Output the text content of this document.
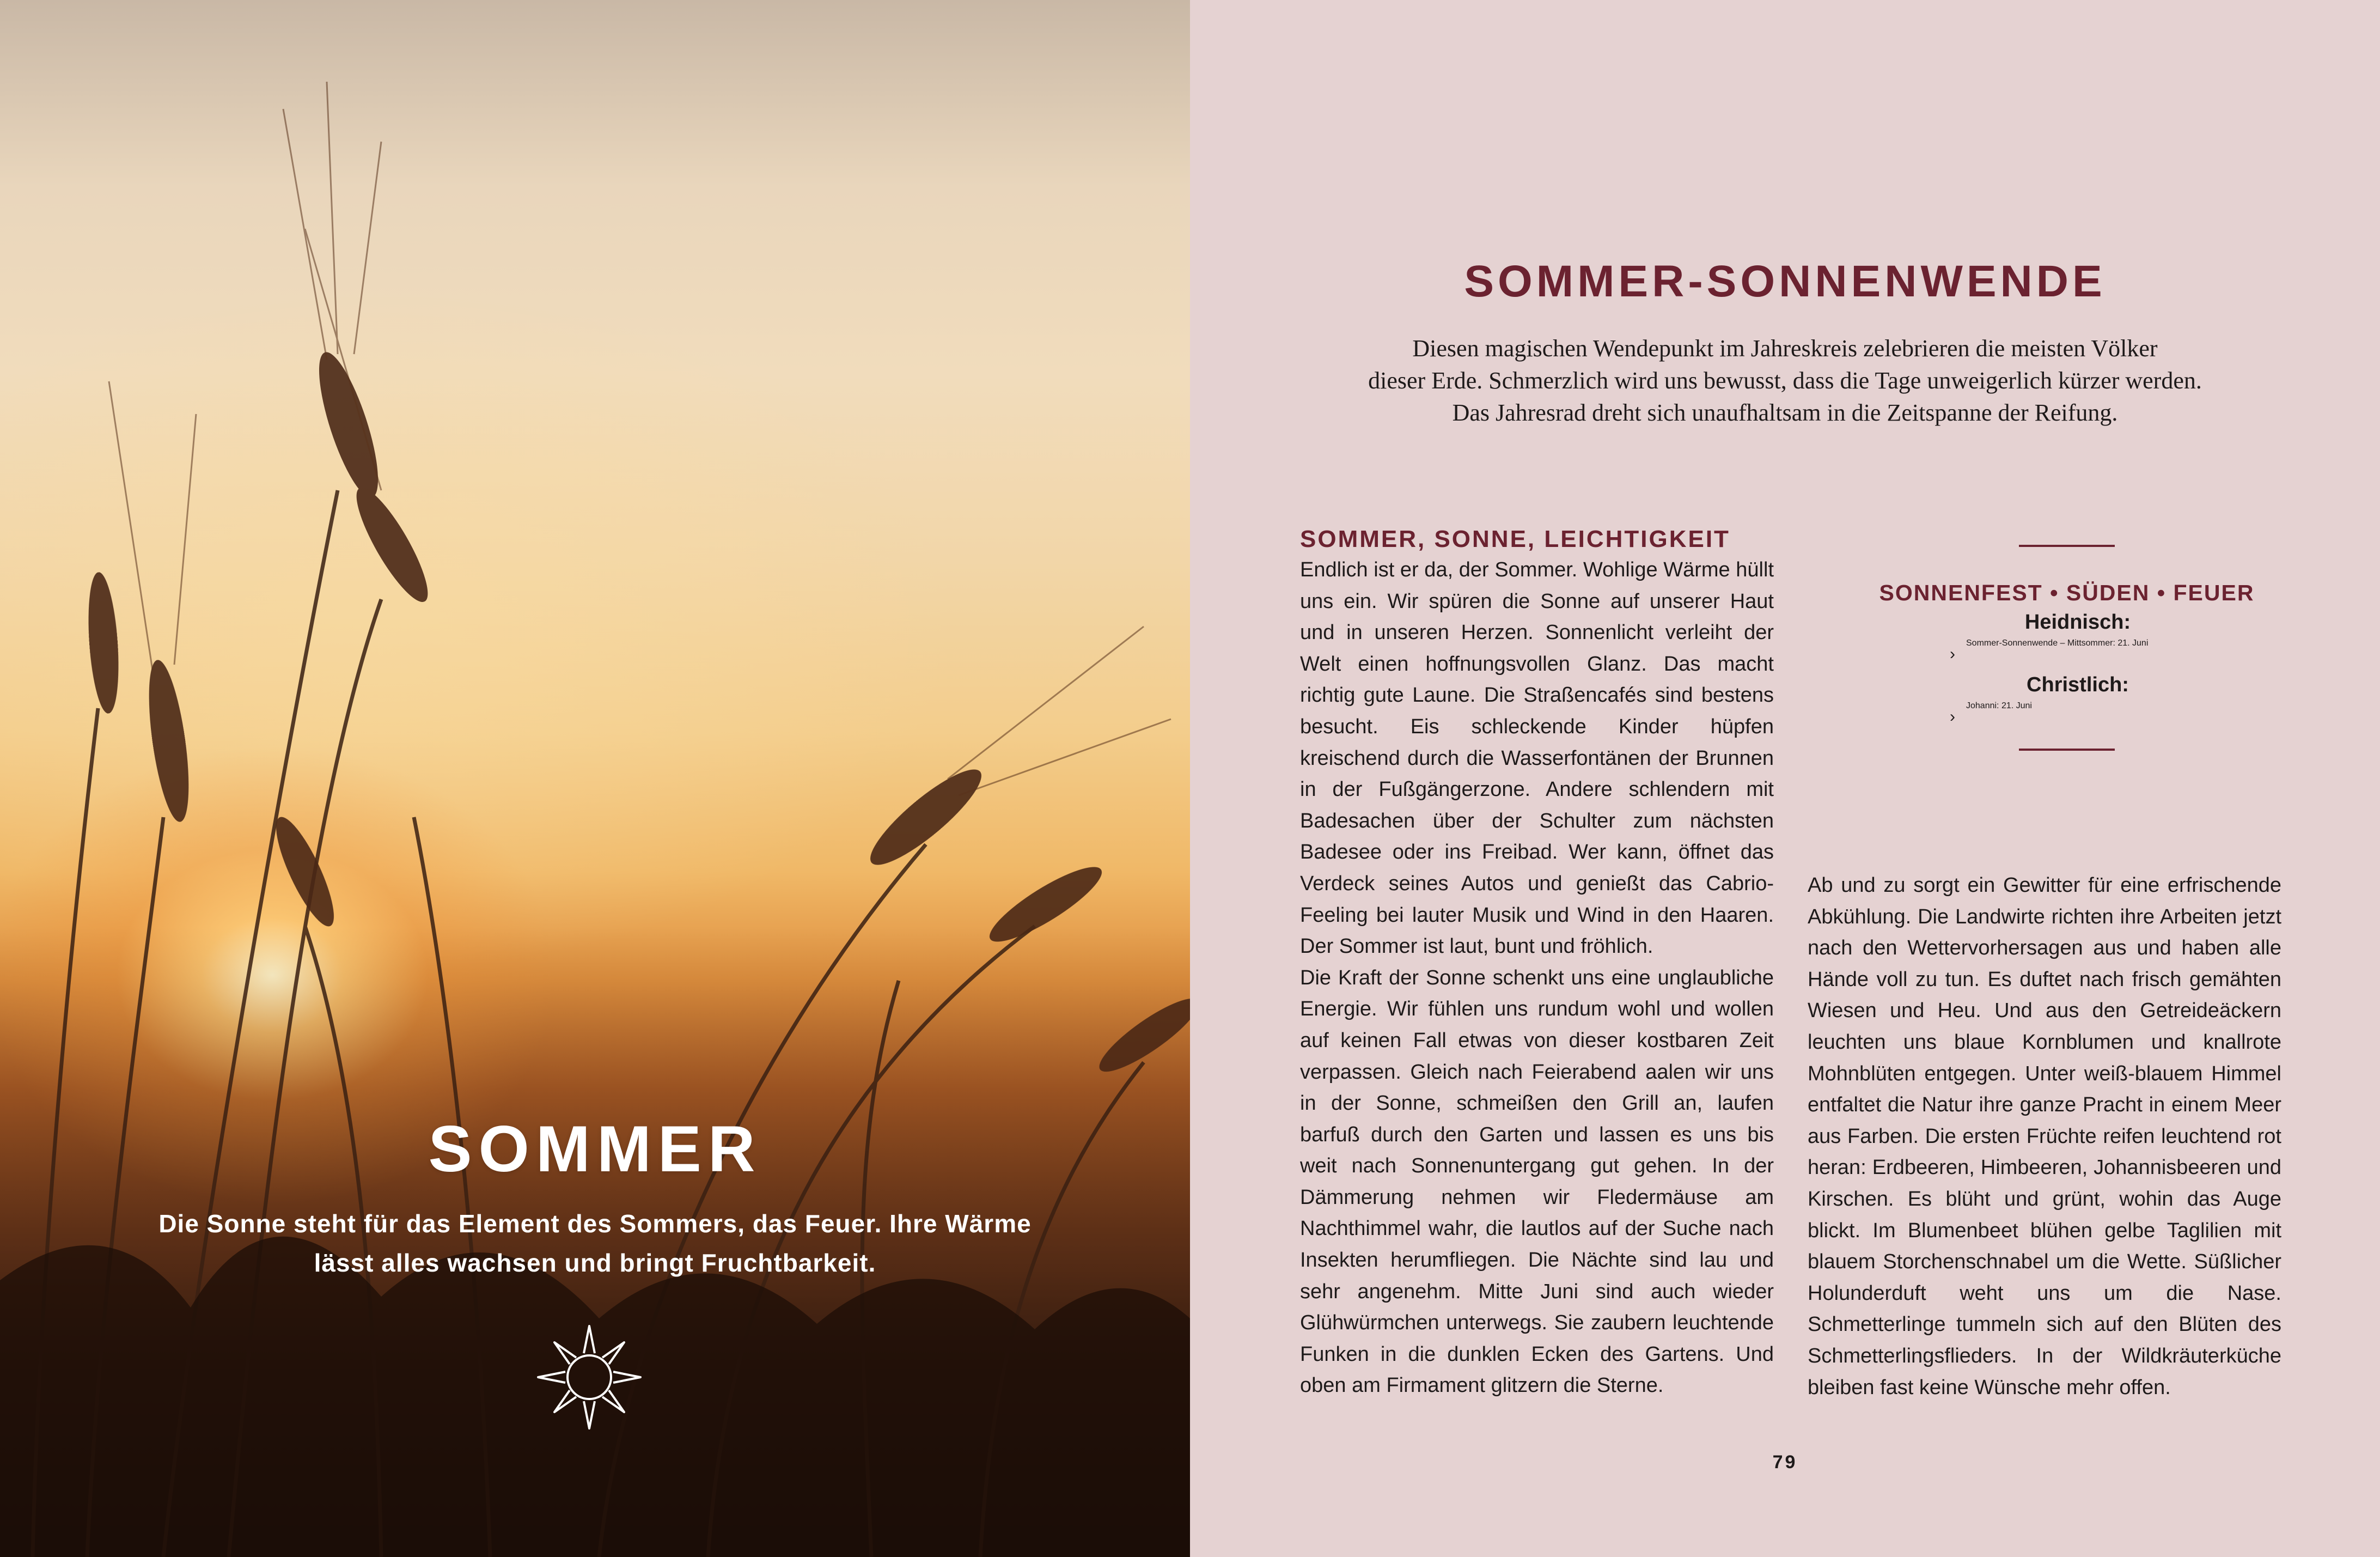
SOMMER

Die Sonne steht für das Element des Sommers, das Feuer. Ihre Wärme
lässt alles wachsen und bringt Fruchtbarkeit.

SOMMER-SONNENWENDE

Diesen magischen Wendepunkt im Jahreskreis zelebrieren die meisten Völker
dieser Erde. Schmerzlich wird uns bewusst, dass die Tage unweigerlich kürzer werden.
Das Jahresrad dreht sich unaufhaltsam in die Zeitspanne der Reifung.

SOMMER, SONNE, LEICHTIGKEIT

Endlich ist er da, der Sommer. Wohlige Wärme hüllt uns ein. Wir spüren die Sonne auf unserer Haut und in unseren Herzen. Sonnenlicht verleiht der Welt einen hoffnungsvollen Glanz. Das macht richtig gute Laune. Die Straßencafés sind bestens besucht. Eis schleckende Kinder hüpfen kreischend durch die Wasserfontänen der Brunnen in der Fußgängerzone. Andere schlendern mit Badesachen über der Schulter zum nächsten Badesee oder ins Freibad. Wer kann, öffnet das Verdeck seines Autos und genießt das Cabrio-Feeling bei lauter Musik und Wind in den Haaren. Der Sommer ist laut, bunt und fröhlich.

Die Kraft der Sonne schenkt uns eine unglaubliche Energie. Wir fühlen uns rundum wohl und wollen auf keinen Fall etwas von dieser kostbaren Zeit verpassen. Gleich nach Feierabend aalen wir uns in der Sonne, schmeißen den Grill an, laufen barfuß durch den Garten und lassen es uns bis weit nach Sonnenuntergang gut gehen. In der Dämmerung nehmen wir Fledermäuse am Nachthimmel wahr, die lautlos auf der Suche nach Insekten herumfliegen. Die Nächte sind lau und sehr angenehm. Mitte Juni sind auch wieder Glühwürmchen unterwegs. Sie zaubern leuchtende Funken in die dunklen Ecken des Gartens. Und oben am Firmament glitzern die Sterne.

SONNENFEST • SÜDEN • FEUER
Heidnisch:
›
Sommer-Sonnenwende – Mittsommer: 21. Juni
Christlich:
›
Johanni: 21. Juni

Ab und zu sorgt ein Gewitter für eine erfrischende Abkühlung. Die Landwirte richten ihre Arbeiten jetzt nach den Wettervorhersagen aus und haben alle Hände voll zu tun. Es duftet nach frisch gemähten Wiesen und Heu. Und aus den Getreideäckern leuchten uns blaue Kornblumen und knallrote Mohnblüten entgegen. Unter weiß-blauem Himmel entfaltet die Natur ihre ganze Pracht in einem Meer aus Farben. Die ersten Früchte reifen leuchtend rot heran: Erdbeeren, Himbeeren, Johannisbeeren und Kirschen. Es blüht und grünt, wohin das Auge blickt. Im Blumenbeet blühen gelbe Taglilien mit blauem Storchenschnabel um die Wette. Süßlicher Holunderduft weht uns um die Nase. Schmetterlinge tummeln sich auf den Blüten des Schmetterlingsflieders. In der Wildkräuterküche bleiben fast keine Wünsche mehr offen.

79
